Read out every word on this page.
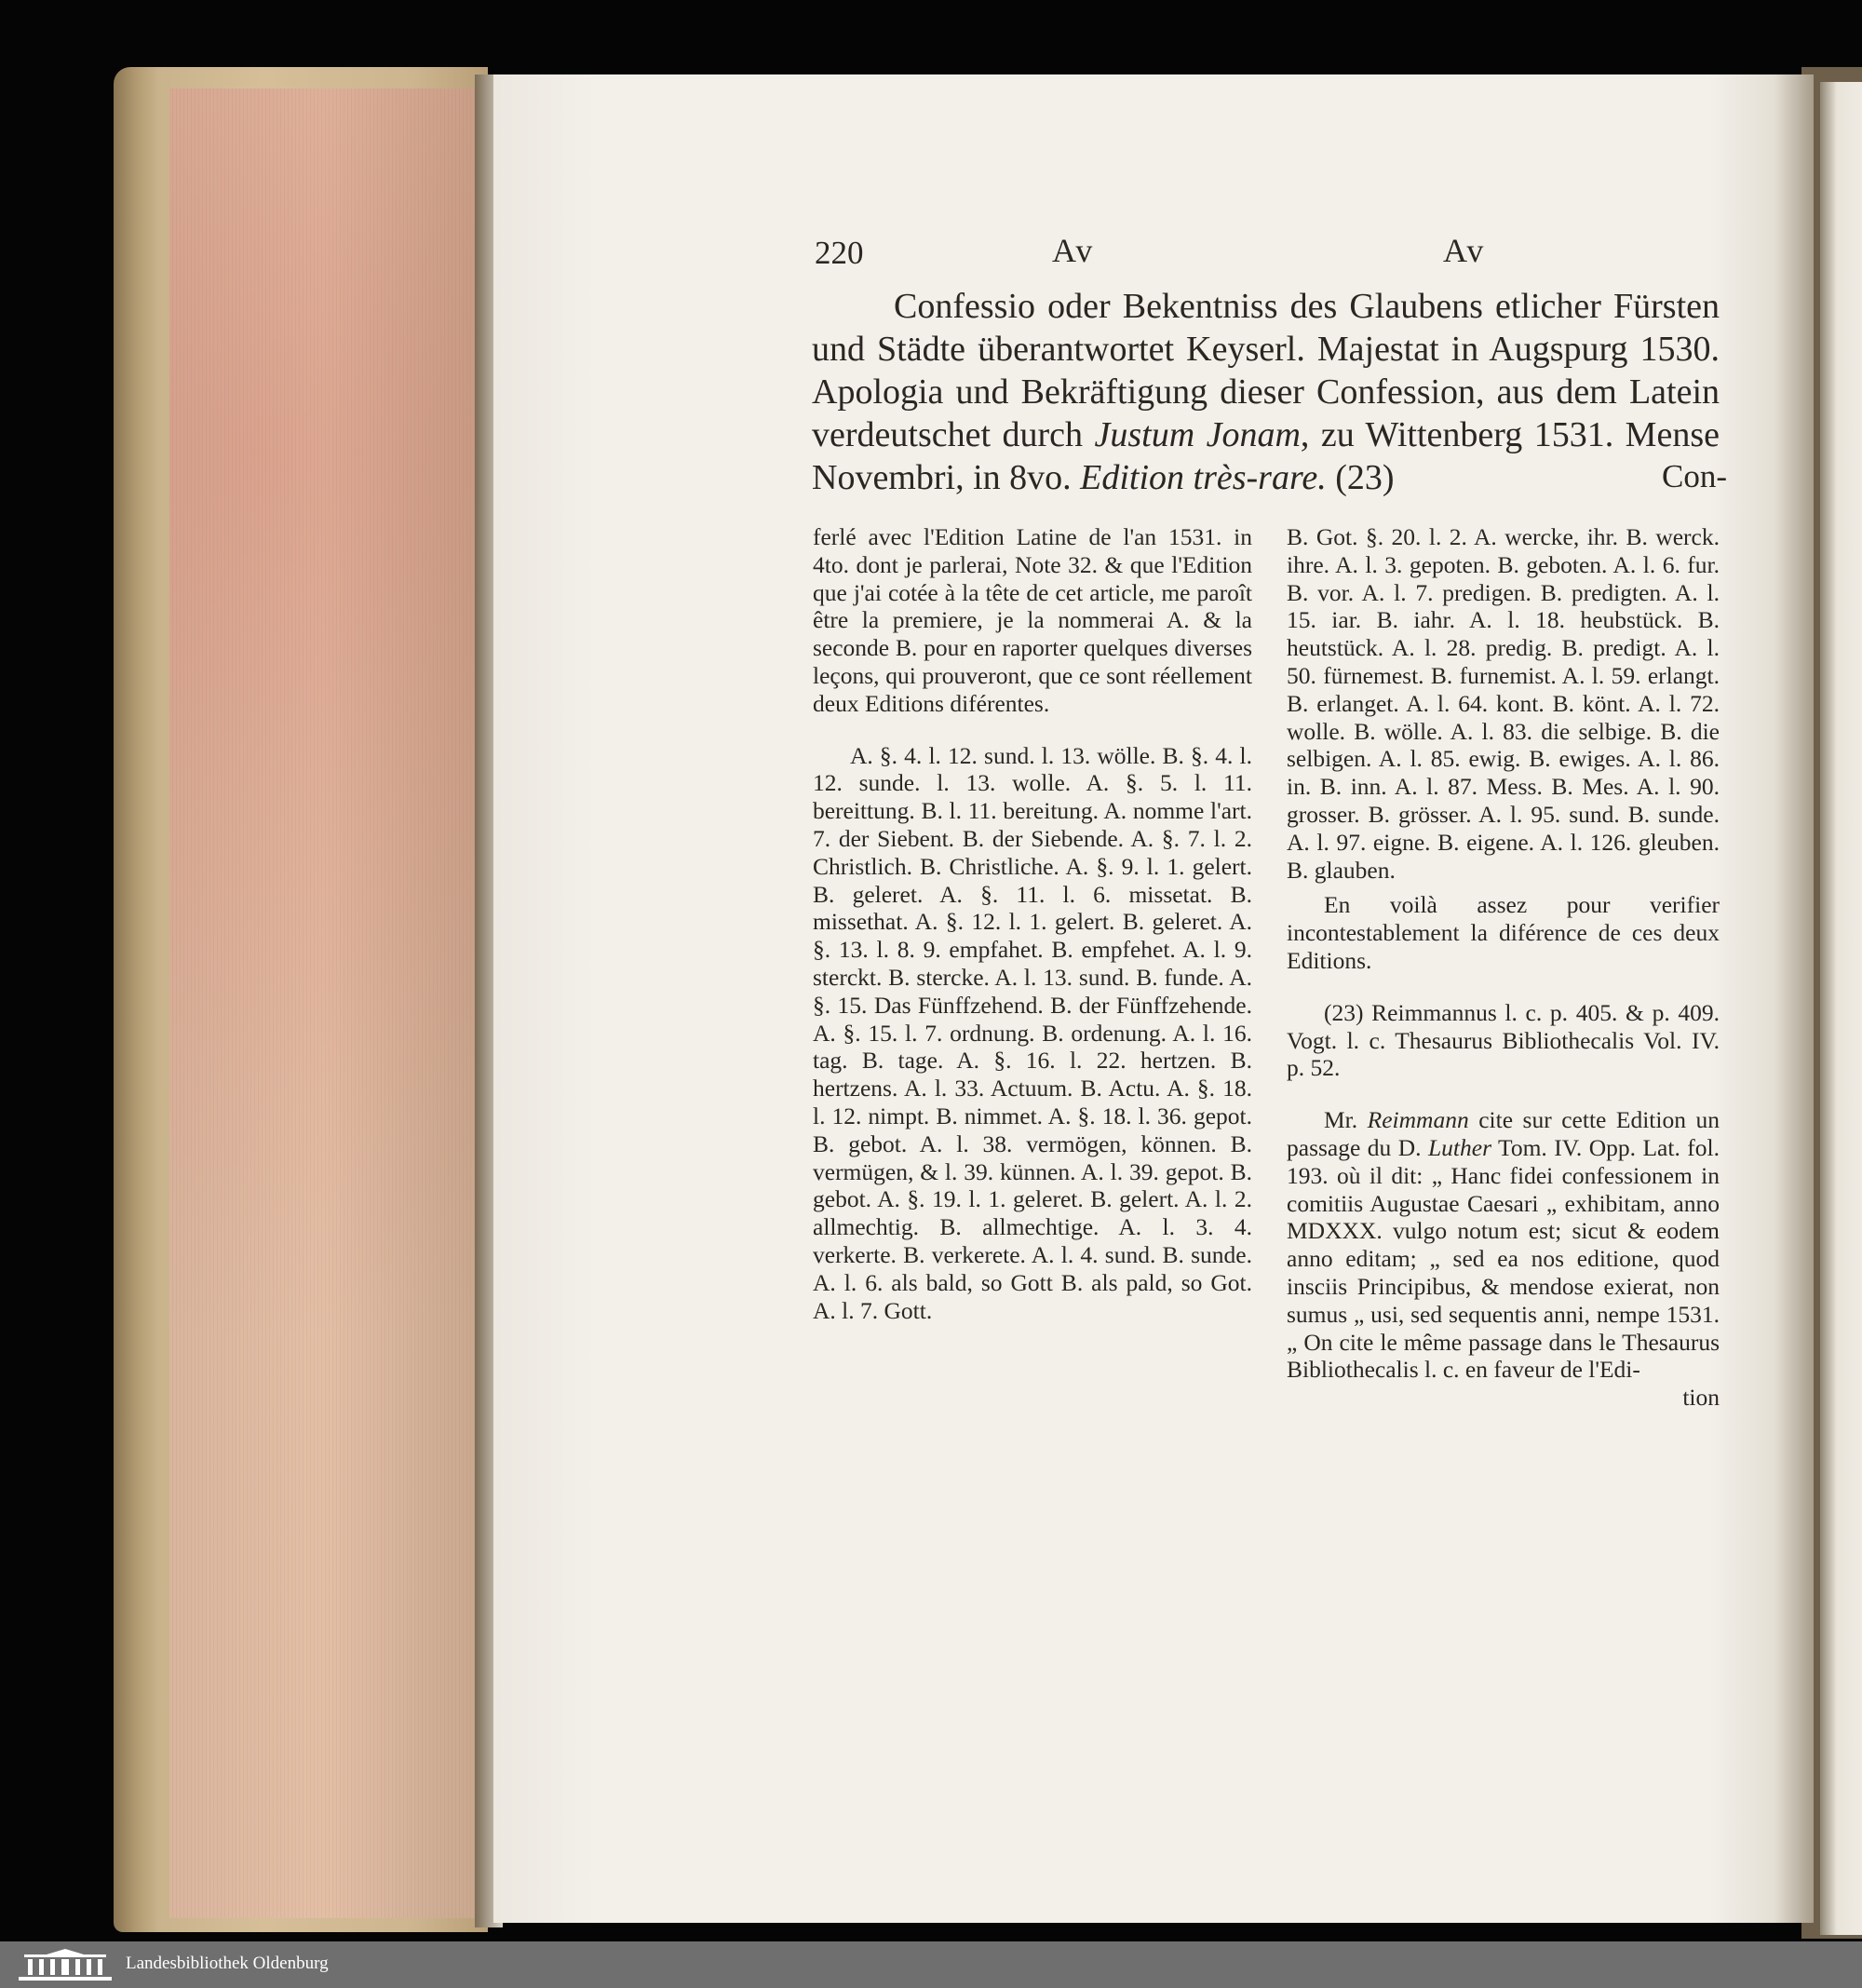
220	Av	Av
Confessio oder Bekentniss des Glaubens etlicher Fürsten und Städte überantwortet Keyserl. Majestat in Augspurg 1530. Apologia und Bekräftigung dieser Confession, aus dem Latein verdeutschet durch Justum Jonam, zu Wittenberg 1531. Mense Novembri, in 8vo. Edition très-rare. (23)	Con-

ferlé avec l'Edition Latine de l'an 1531. in 4to. dont je parlerai, Note 32. & que l'Edition que j'ai cotée à la tête de cet article, me paroît être la premiere, je la nommerai A. & la seconde B. pour en raporter quelques diverses leçons, qui prouveront, que ce sont réellement deux Editions diférentes.

A. §. 4. l. 12. sund. l. 13. wölle. B. §. 4. l. 12. sunde. l. 13. wolle. A. §. 5. l. 11. bereittung. B. l. 11. bereitung. A. nomme l'art. 7. der Siebent. B. der Siebende. A. §. 7. l. 2. Christlich. B. Christliche. A. §. 9. l. 1. gelert. B. geleret. A. §. 11. l. 6. missetat. B. missethat. A. §. 12. l. 1. gelert. B. geleret. A. §. 13. l. 8. 9. empfahet. B. empfehet. A. l. 9. sterckt. B. stercke. A. l. 13. sund. B. funde. A. §. 15. Das Fünffzehend. B. der Fünffzehende. A. §. 15. l. 7. ordnung. B. ordenung. A. l. 16. tag. B. tage. A. §. 16. l. 22. hertzen. B. hertzens. A. l. 33. Actuum. B. Actu. A. §. 18. l. 12. nimpt. B. nimmet. A. §. 18. l. 36. gepot. B. gebot. A. l. 38. vermögen, können. B. vermügen, & l. 39. künnen. A. l. 39. gepot. B. gebot. A. §. 19. l. 1. geleret. B. gelert. A. l. 2. allmechtig. B. allmechtige. A. l. 3. 4. verkerte. B. verkerete. A. l. 4. sund. B. sunde. A. l. 6. als bald, so Gott B. als pald, so Got. A. l. 7. Gott.

B. Got. §. 20. l. 2. A. wercke, ihr. B. werck. ihre. A. l. 3. gepoten. B. geboten. A. l. 6. fur. B. vor. A. l. 7. predigen. B. predigten. A. l. 15. iar. B. iahr. A. l. 18. heubstück. B. heutstück. A. l. 28. predig. B. predigt. A. l. 50. fürnemest. B. furnemist. A. l. 59. erlangt. B. erlanget. A. l. 64. kont. B. könt. A. l. 72. wolle. B. wölle. A. l. 83. die selbige. B. die selbigen. A. l. 85. ewig. B. ewiges. A. l. 86. in. B. inn. A. l. 87. Mess. B. Mes. A. l. 90. grosser. B. grösser. A. l. 95. sund. B. sunde. A. l. 97. eigne. B. eigene. A. l. 126. gleuben. B. glauben.

En voilà assez pour verifier incontestablement la diférence de ces deux Editions.

(23) Reimmannus l. c. p. 405. & p. 409. Vogt. l. c. Thesaurus Bibliothecalis Vol. IV. p. 52.

Mr. Reimmann cite sur cette Edition un passage du D. Luther Tom. IV. Opp. Lat. fol. 193. où il dit: „ Hanc fidei confessionem in comitiis Augustae Caesari „ exhibitam, anno MDXXX. vulgo notum est; sicut & eodem anno editam; „ sed ea nos editione, quod insciis Principibus, & mendose exierat, non sumus „ usi, sed sequentis anni, nempe 1531.„ On cite le même passage dans le Thesaurus Bibliothecalis l. c. en faveur de l'Edi-

tion

Landesbibliothek Oldenburg
